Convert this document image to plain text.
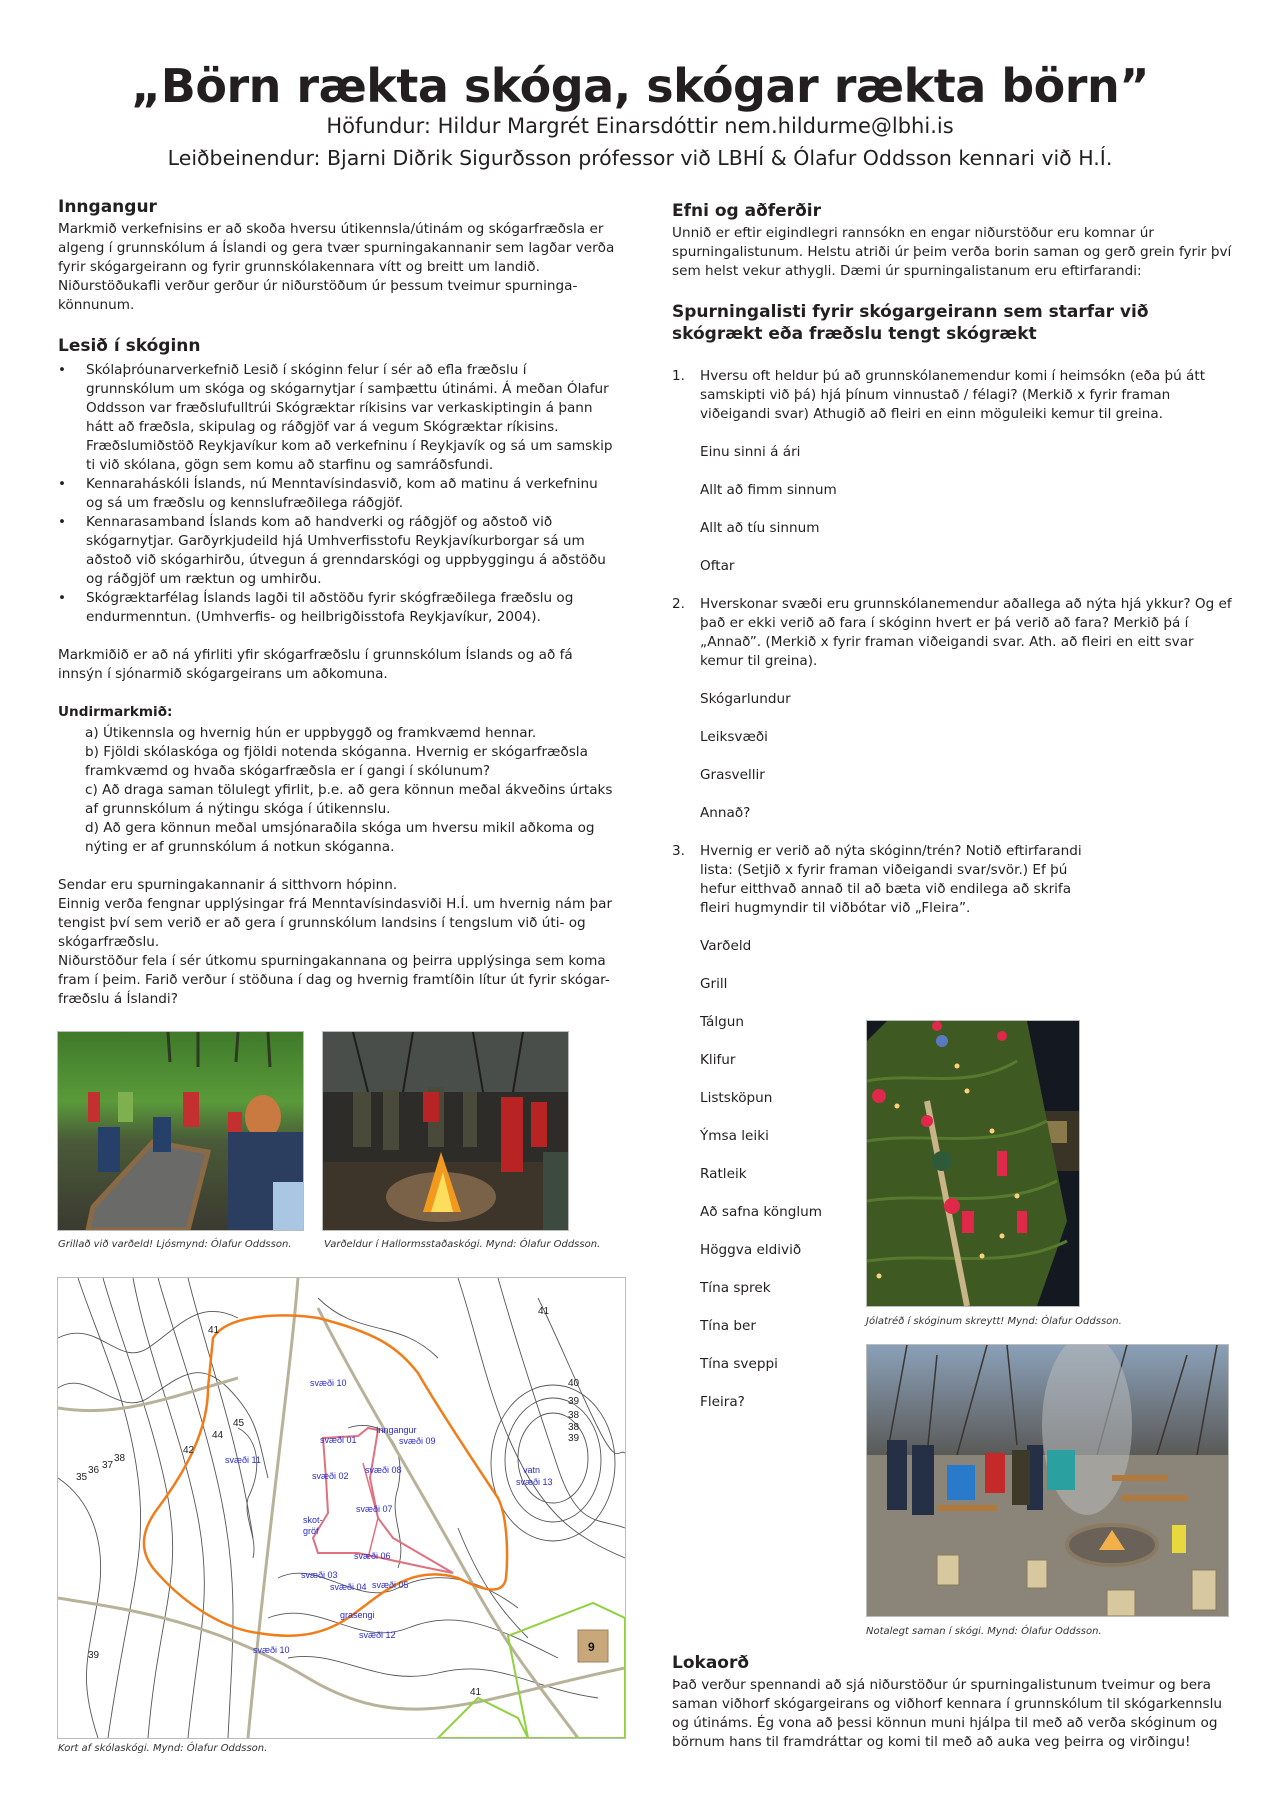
„Börn rækta skóga, skógar rækta börn”
Höfundur: Hildur Margrét Einarsdóttir nem.hildurme@lbhi.is
Leiðbeinendur: Bjarni Diðrik Sigurðsson prófessor við LBHÍ & Ólafur Oddsson kennari við H.Í.
Inngangur

Markmið verkefnisins er að skoða hversu útikennsla/útinám og skógarfræðsla er algeng í grunnskólum á Íslandi og gera tvær spurningakannanir sem lagðar verða fyrir skógargeirann og fyrir grunnskólakennara vítt og breitt um landið. Niðurstöðukafli verður gerður úr niðurstöðum úr þessum tveimur spurninga-könnunum.

Lesið í skóginn
• Skólaþróunarverkefnið Lesið í skóginn felur í sér að efla fræðslu í grunnskólum um skóga og skógarnytjar í samþættu útinámi. Á meðan Ólafur Oddsson var fræðslufulltrúi Skógræktar ríkisins var verkaskiptingin á þann hátt að fræðsla, skipulag og ráðgjöf var á vegum Skógræktar ríkisins. Fræðslumiðstöð Reykjavíkur kom að verkefninu í Reykjavík og sá um samskip ti við skólana, gögn sem komu að starfinu og samráðsfundi.
• Kennaraháskóli Íslands, nú Menntavísindasvið, kom að matinu á verkefninu og sá um fræðslu og kennslufræðilega ráðgjöf.
• Kennarasamband Íslands kom að handverki og ráðgjöf og aðstoð við skógarnytjar. Garðyrkjudeild hjá Umhverfisstofu Reykjavíkurborgar sá um aðstoð við skógarhirðu, útvegun á grenndarskógi og uppbyggingu á aðstöðu og ráðgjöf um ræktun og umhirðu.
• Skógræktarfélag Íslands lagði til aðstöðu fyrir skógfræðilega fræðslu og endurmenntun. (Umhverfis- og heilbrigðisstofa Reykjavíkur, 2004).

Markmiðið er að ná yfirliti yfir skógarfræðslu í grunnskólum Íslands og að fá innsýn í sjónarmið skógargeirans um aðkomuna.

Undirmarkmið:

a) Útikennsla og hvernig hún er uppbyggð og framkvæmd hennar.

b) Fjöldi skólaskóga og fjöldi notenda skóganna. Hvernig er skógarfræðsla framkvæmd og hvaða skógarfræðsla er í gangi í skólunum?

c) Að draga saman tölulegt yfirlit, þ.e. að gera könnun meðal ákveðins úrtaks af grunnskólum á nýtingu skóga í útikennslu.

d) Að gera könnun meðal umsjónaraðila skóga um hversu mikil aðkoma og nýting er af grunnskólum á notkun skóganna.

Sendar eru spurningakannanir á sitthvorn hópinn.

Einnig verða fengnar upplýsingar frá Menntavísindasviði H.Í. um hvernig nám þar tengist því sem verið er að gera í grunnskólum landsins í tengslum við úti- og skógarfræðslu.

Niðurstöður fela í sér útkomu spurningakannana og þeirra upplýsinga sem koma fram í þeim. Farið verður í stöðuna í dag og hvernig framtíðin lítur út fyrir skógar-fræðslu á Íslandi?

Grillað við varðeld! Ljósmynd: Ólafur Oddsson.	Varðeldur í Hallormsstaðaskógi. Mynd: Ólafur Oddsson.
svæði 10
svæði 11
svæði 01
Inngangur
svæði 09
svæði 02
svæði 08
svæði 07
skot-
gröf
svæði 06
svæði 03
svæði 04 svæði 05
grasengi
svæði 12
svæði 10
vatn
svæði 13
40
39
38
38
39
41
41
44
45
42
36
35
37
38
39
41
9
Kort af skólaskógi. Mynd: Ólafur Oddsson.
Efni og aðferðir

Unnið er eftir eigindlegri rannsókn en engar niðurstöður eru komnar úr spurningalistunum. Helstu atriði úr þeim verða borin saman og gerð grein fyrir því sem helst vekur athygli. Dæmi úr spurningalistanum eru eftirfarandi:

Spurningalisti fyrir skógargeirann sem starfar við skógrækt eða fræðslu tengt skógrækt
1. Hversu oft heldur þú að grunnskólanemendur komi í heimsókn (eða þú átt samskipti við þá) hjá þínum vinnustað / félagi? (Merkið x fyrir framan viðeigandi svar) Athugið að fleiri en einn möguleiki kemur til greina.
Einu sinni á ári
Allt að fimm sinnum
Allt að tíu sinnum
Oftar
2. Hverskonar svæði eru grunnskólanemendur aðallega að nýta hjá ykkur? Og ef það er ekki verið að fara í skóginn hvert er þá verið að fara? Merkið þá í „Annað”. (Merkið x fyrir framan viðeigandi svar. Ath. að fleiri en eitt svar kemur til greina).
Skógarlundur
Leiksvæði
Grasvellir
Annað?
3. Hvernig er verið að nýta skóginn/trén? Notið eftirfarandi lista: (Setjið x fyrir framan viðeigandi svar/svör.) Ef þú hefur eitthvað annað til að bæta við endilega að skrifa fleiri hugmyndir til viðbótar við „Fleira”.
Varðeld
Grill
Tálgun
Klifur
Listsköpun
Ýmsa leiki
Ratleik
Að safna könglum
Höggva eldivið
Tína sprek
Tína ber
Tína sveppi
Fleira?
Jólatréð í skóginum skreytt! Mynd: Ólafur Oddsson.
Notalegt saman í skógi. Mynd: Ólafur Oddsson.
Lokaorð

Það verður spennandi að sjá niðurstöður úr spurningalistunum tveimur og bera saman viðhorf skógargeirans og viðhorf kennara í grunnskólum til skógarkennslu og útináms. Ég vona að þessi könnun muni hjálpa til með að verða skóginum og börnum hans til framdráttar og komi til með að auka veg þeirra og virðingu!
